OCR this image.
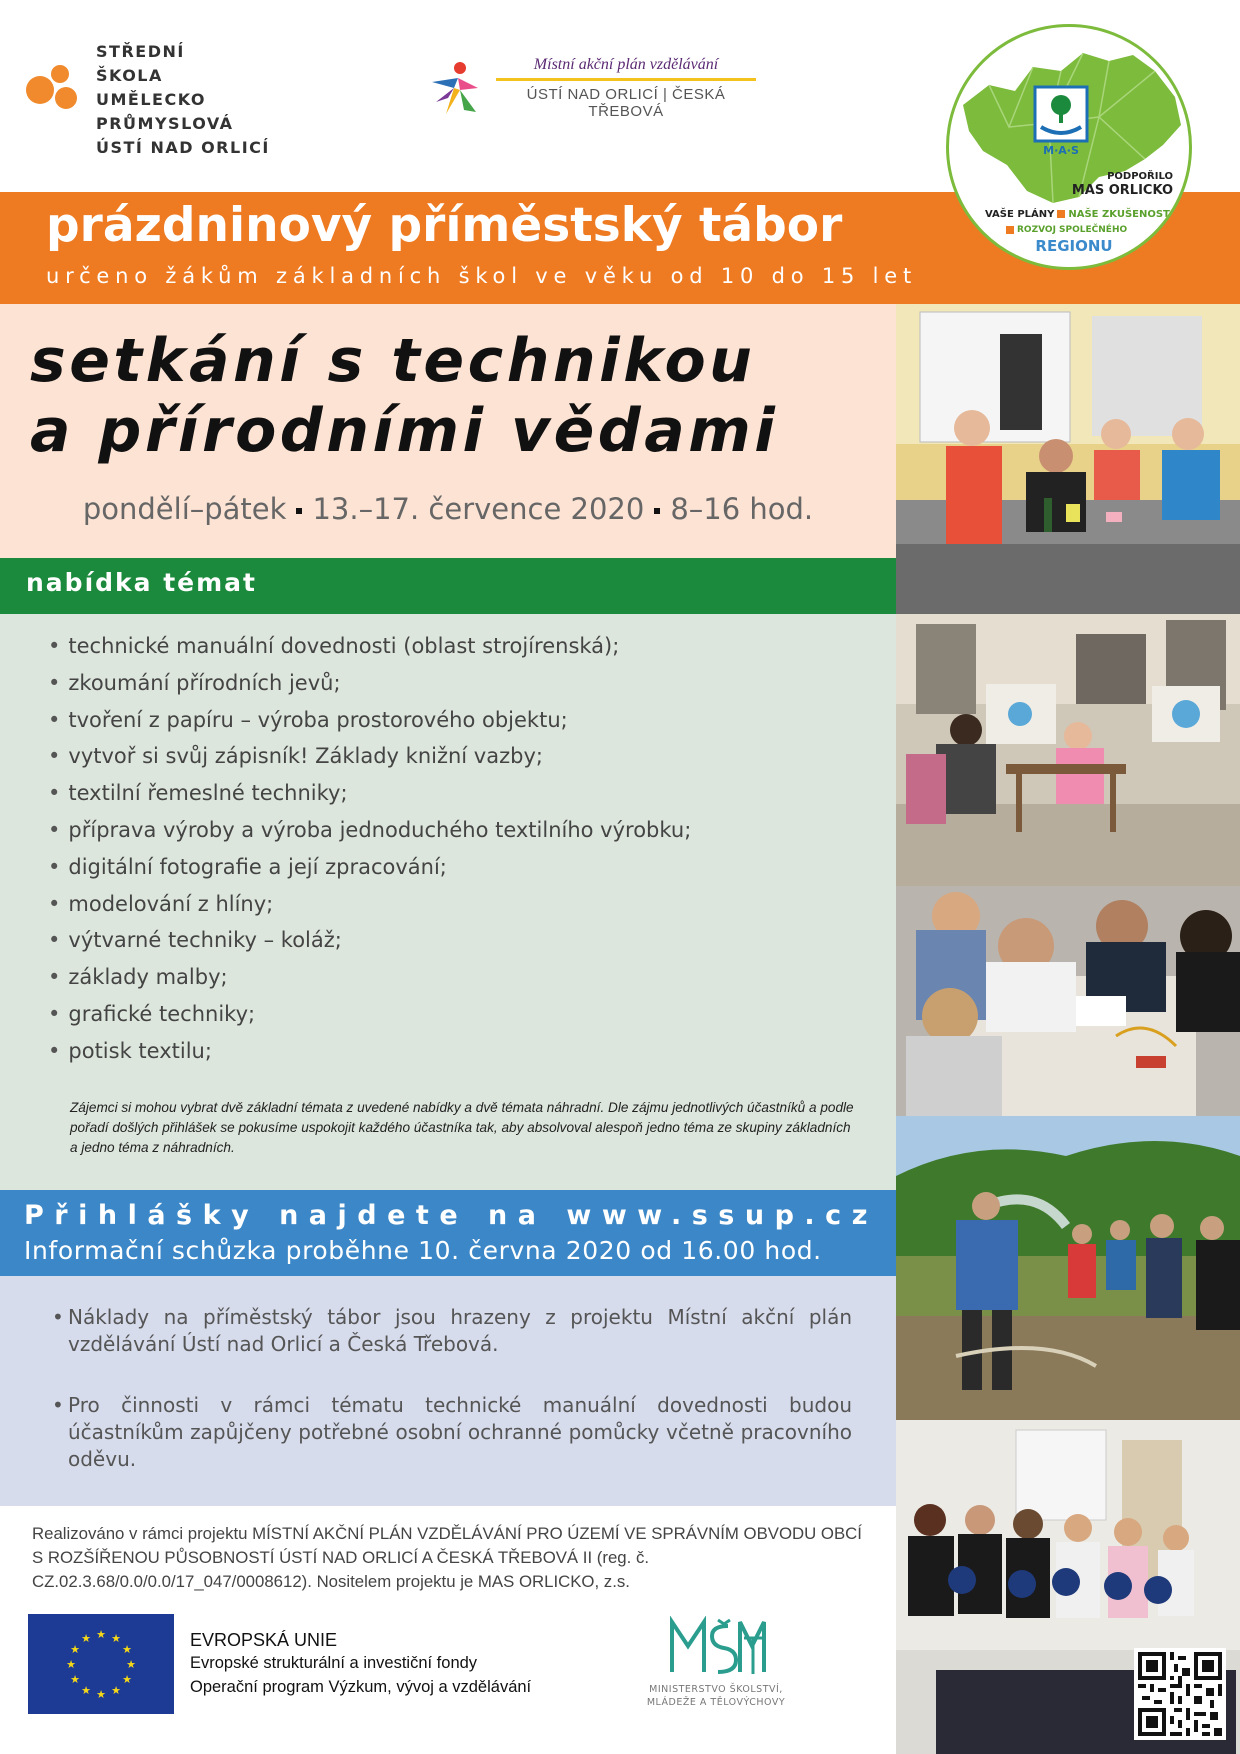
STŘEDNÍ
ŠKOLA
UMĚLECKO
PRŮMYSLOVÁ
ÚSTÍ NAD ORLICÍ
Místní akční plán vzdělávání
ÚSTÍ NAD ORLICÍ | ČESKÁ TŘEBOVÁ
prázdninový příměstský tábor
určeno žákům základních škol ve věku od 10 do 15 let
M·A·S
PODPOŘILO
MAS ORLICKO
VAŠE PLÁNY NAŠE ZKUŠENOSTI
ROZVOJ SPOLEČNÉHO
REGIONU
setkání s technikou
a přírodními vědami
pondělí–pátek 13.–17. července 2020 8–16 hod.
nabídka témat
• technické manuální dovednosti (oblast strojírenská);
• zkoumání přírodních jevů;
• tvoření z papíru – výroba prostorového objektu;
• vytvoř si svůj zápisník! Základy knižní vazby;
• textilní řemeslné techniky;
• příprava výroby a výroba jednoduchého textilního výrobku;
• digitální fotografie a její zpracování;
• modelování z hlíny;
• výtvarné techniky – koláž;
• základy malby;
• grafické techniky;
• potisk textilu;
Zájemci si mohou vybrat dvě základní témata z uvedené nabídky a dvě témata náhradní. Dle zájmu jednotlivých účastníků a podle pořadí došlých přihlášek se pokusíme uspokojit každého účastníka tak, aby absolvoval alespoň jedno téma ze skupiny základních a jedno téma z náhradních.
Přihlášky najdete na www.ssup.cz
Informační schůzka proběhne 10. června 2020 od 16.00 hod.
• Náklady na příměstský tábor jsou hrazeny z projektu Místní akční plán vzdělávání Ústí nad Orlicí a Česká Třebová.
• Pro činnosti v rámci tématu technické manuální dovednosti budou účastníkům zapůjčeny potřebné osobní ochranné pomůcky včetně pracovního oděvu.
Realizováno v rámci projektu MÍSTNÍ AKČNÍ PLÁN VZDĚLÁVÁNÍ PRO ÚZEMÍ VE SPRÁVNÍM OBVODU OBCÍ S ROZŠÍŘENOU PŮSOBNOSTÍ ÚSTÍ NAD ORLICÍ A ČESKÁ TŘEBOVÁ II (reg. č. CZ.02.3.68/0.0/0.0/17_047/0008612). Nositelem projektu je MAS ORLICKO, z.s.
★ ★
★
★
★
★
★
★
★
★
★
★	EVROPSKÁ UNIE
Evropské strukturální a investiční fondy
Operační program Výzkum, vývoj a vzdělávání	MINISTERSTVO ŠKOLSTVÍ,
MLÁDEŽE A TĚLOVÝCHOVY
